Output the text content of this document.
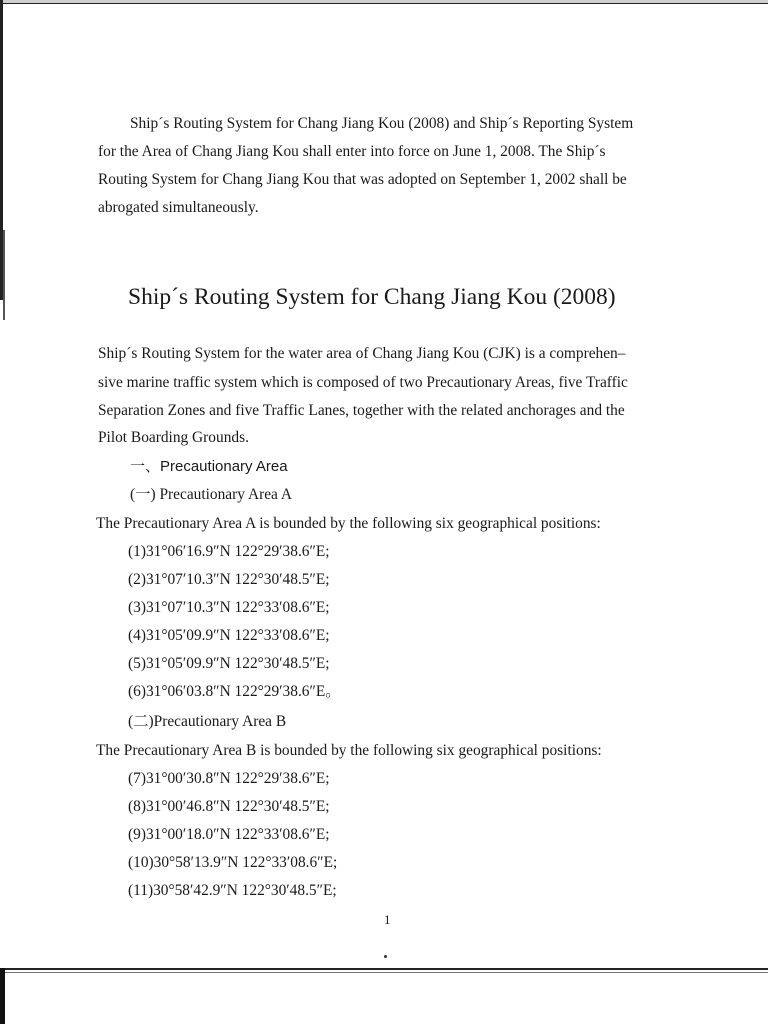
Ship´s Routing System for Chang Jiang Kou (2008) and Ship´s Reporting System
for the Area of Chang Jiang Kou shall enter into force on June 1, 2008. The Ship´s
Routing System for Chang Jiang Kou that was adopted on September 1, 2002 shall be
abrogated simultaneously.
Ship´s Routing System for Chang Jiang Kou (2008)
Ship´s Routing System for the water area of Chang Jiang Kou (CJK) is a comprehen–
sive marine traffic system which is composed of two Precautionary Areas, five Traffic
Separation Zones and five Traffic Lanes, together with the related anchorages and the
Pilot Boarding Grounds.
一、Precautionary Area
(一) Precautionary Area A
The Precautionary Area A is bounded by the following six geographical positions:
(1)31°06′16.9″N 122°29′38.6″E;
(2)31°07′10.3″N 122°30′48.5″E;
(3)31°07′10.3″N 122°33′08.6″E;
(4)31°05′09.9″N 122°33′08.6″E;
(5)31°05′09.9″N 122°30′48.5″E;
(6)31°06′03.8″N 122°29′38.6″E。
(二)Precautionary Area B
The Precautionary Area B is bounded by the following six geographical positions:
(7)31°00′30.8″N 122°29′38.6″E;
(8)31°00′46.8″N 122°30′48.5″E;
(9)31°00′18.0″N 122°33′08.6″E;
(10)30°58′13.9″N 122°33′08.6″E;
(11)30°58′42.9″N 122°30′48.5″E;
1
